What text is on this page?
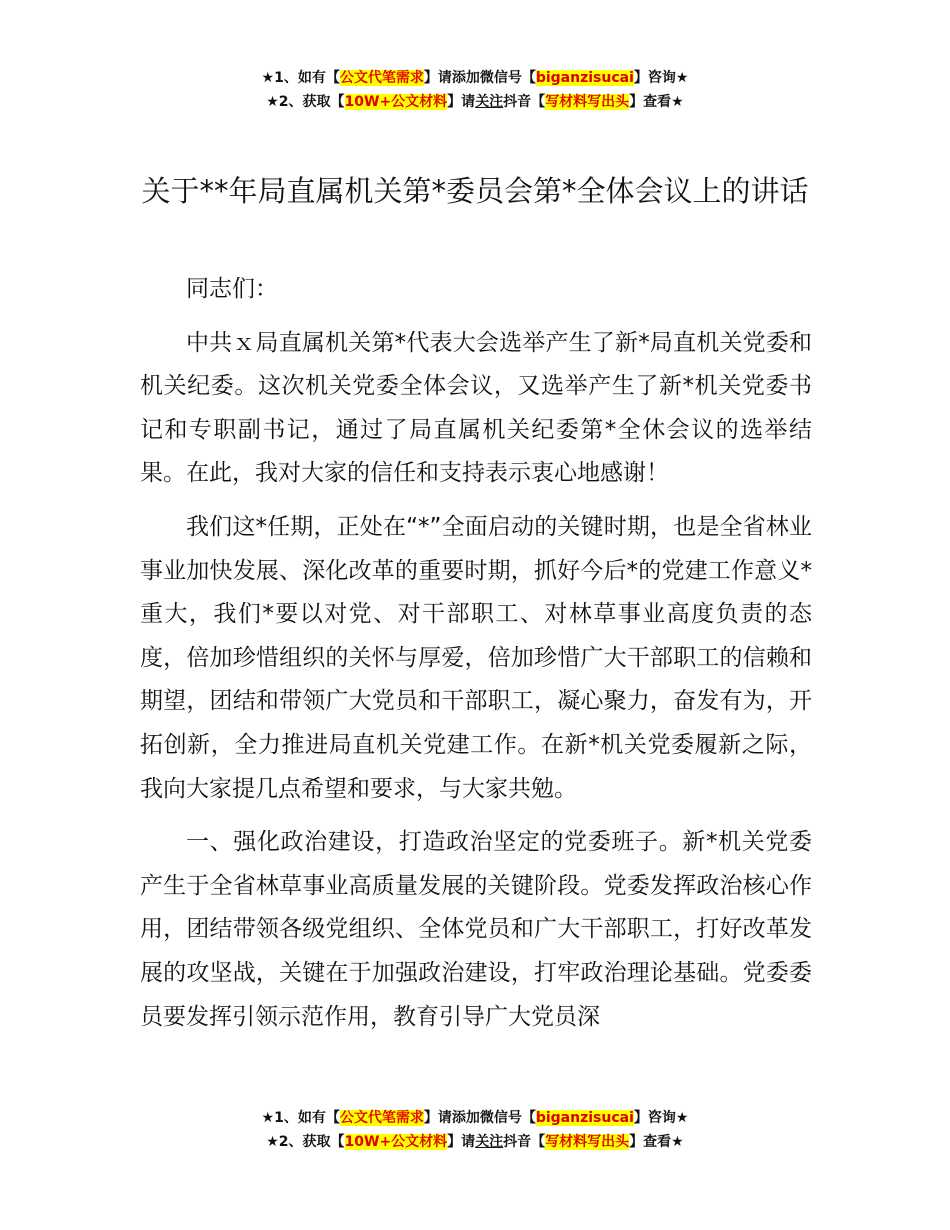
★1、如有【公文代笔需求】请添加微信号【biganzisucai】咨询★
★2、获取【10W+公文材料】请关注抖音【写材料写出头】查看★
关于**年局直属机关第*委员会第*全体会议上的讲话

同志们：

中共ｘ局直属机关第*代表大会选举产生了新*局直机关党委和机关纪委。这次机关党委全体会议，又选举产生了新*机关党委书记和专职副书记，通过了局直属机关纪委第*全休会议的选举结果。在此，我对大家的信任和支持表示衷心地感谢！

我们这*任期，正处在“*”全面启动的关键时期，也是全省林业事业加快发展、深化改革的重要时期，抓好今后*的党建工作意义*重大，我们*要以对党、对干部职工、对林草事业高度负责的态度，倍加珍惜组织的关怀与厚爱，倍加珍惜广大干部职工的信赖和期望，团结和带领广大党员和干部职工，凝心聚力，奋发有为，开拓创新，全力推进局直机关党建工作。在新*机关党委履新之际，我向大家提几点希望和要求，与大家共勉。

一、强化政治建设，打造政治坚定的党委班子。新*机关党委产生于全省林草事业高质量发展的关键阶段。党委发挥政治核心作用，团结带领各级党组织、全体党员和广大干部职工，打好改革发展的攻坚战，关键在于加强政治建设，打牢政治理论基础。党委委员要发挥引领示范作用，教育引导广大党员深

★1、如有【公文代笔需求】请添加微信号【biganzisucai】咨询★
★2、获取【10W+公文材料】请关注抖音【写材料写出头】查看★
